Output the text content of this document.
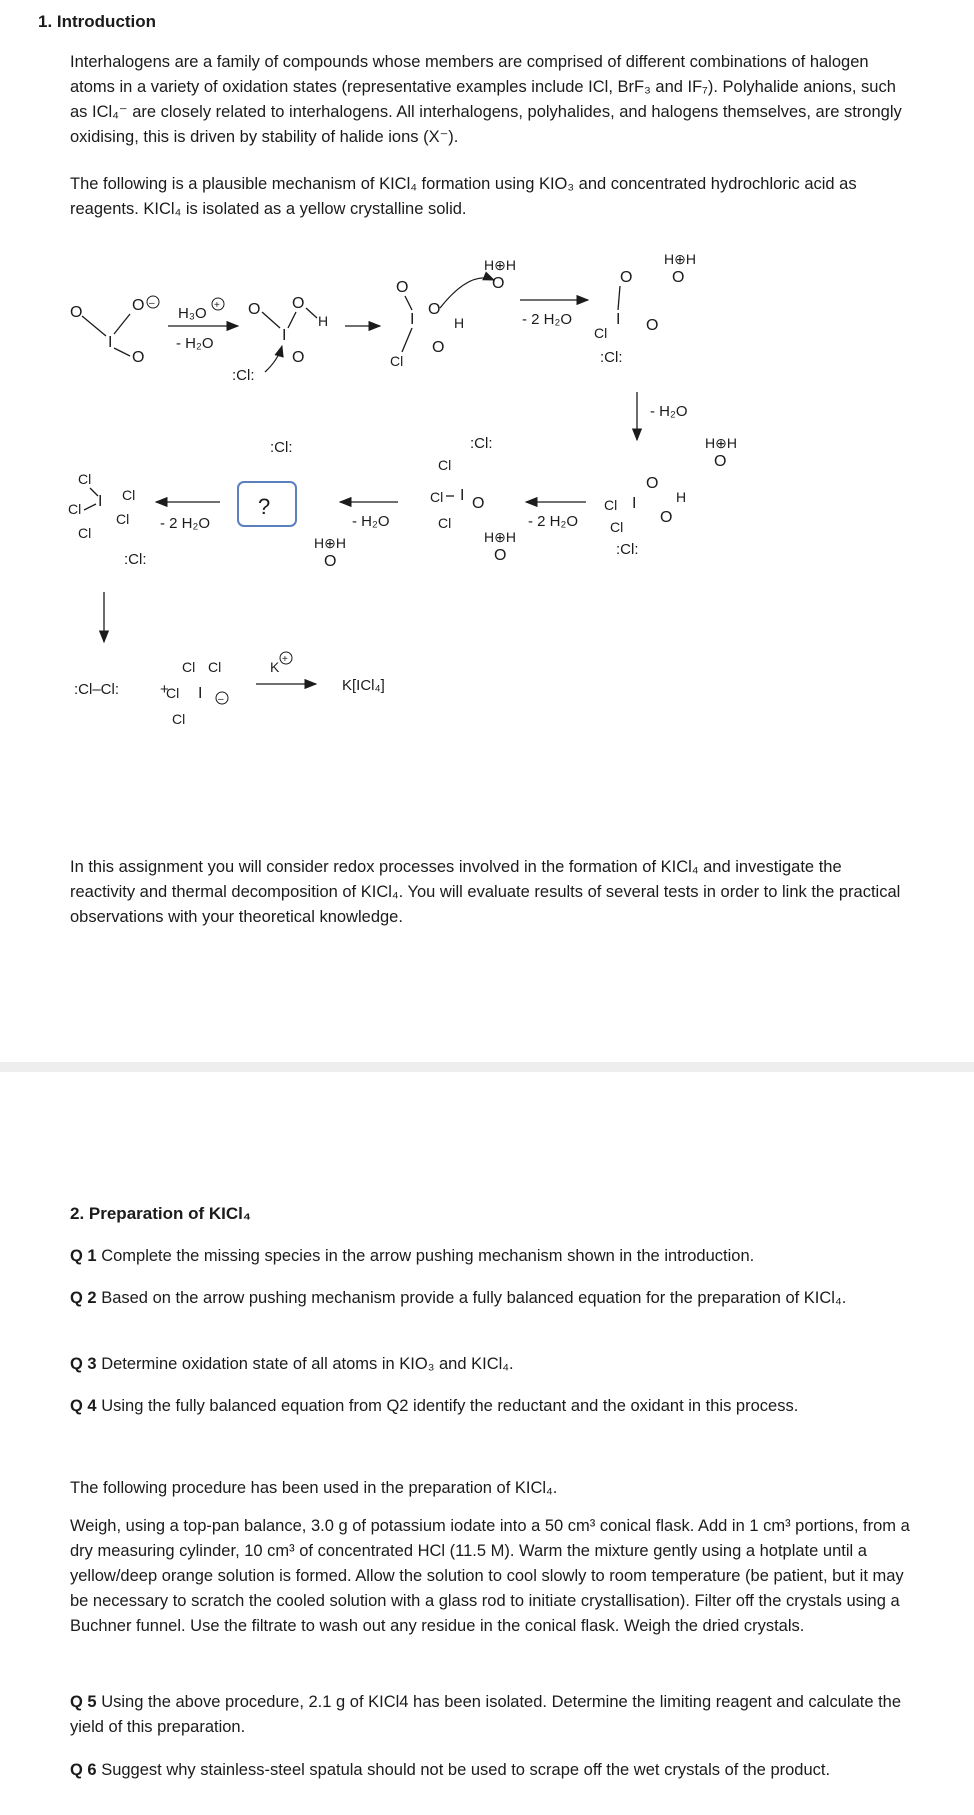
1. Introduction

Interhalogens are a family of compounds whose members are comprised of different combinations of halogen atoms in a variety of oxidation states (representative examples include ICl, BrF₃ and IF₇). Polyhalide anions, such as ICl₄⁻ are closely related to interhalogens. All interhalogens, polyhalides, and halogens themselves, are strongly oxidising, this is driven by stability of halide ions (X⁻).

The following is a plausible mechanism of KICl₄ formation using KIO₃ and concentrated hydrochloric acid as reagents. KICl₄ is isolated as a yellow crystalline solid.

O
I
O
O
–
H₃O +
- H₂O
O
I
O
O
H
:Cl:
O
I
O
O
H
Cl
H⊕H
O
- 2 H₂O
O
I O
Cl
:Cl:
H⊕H
O
- H₂O
H⊕H
O
Cl I
O
O
H
Cl
:Cl:
- 2 H₂O
Cl
Cl I
Cl
O
:Cl:
H⊕H
O
- H₂O
H⊕H
O
?
:Cl:
- 2 H₂O
Cl
Cl I Cl
Cl
Cl
:Cl:
:Cl–Cl:	+
Cl Cl
Cl I
Cl
–
K +
K[ICl₄]

In this assignment you will consider redox processes involved in the formation of KICl₄ and investigate the reactivity and thermal decomposition of KICl₄. You will evaluate results of several tests in order to link the practical observations with your theoretical knowledge.

2. Preparation of KICl₄

Q 1 Complete the missing species in the arrow pushing mechanism shown in the introduction.

Q 2 Based on the arrow pushing mechanism provide a fully balanced equation for the preparation of KICl₄.

Q 3 Determine oxidation state of all atoms in KIO₃ and KICl₄.

Q 4 Using the fully balanced equation from Q2 identify the reductant and the oxidant in this process.

The following procedure has been used in the preparation of KICl₄.

Weigh, using a top-pan balance, 3.0 g of potassium iodate into a 50 cm³ conical flask. Add in 1 cm³ portions, from a dry measuring cylinder, 10 cm³ of concentrated HCl (11.5 M). Warm the mixture gently using a hotplate until a yellow/deep orange solution is formed. Allow the solution to cool slowly to room temperature (be patient, but it may be necessary to scratch the cooled solution with a glass rod to initiate crystallisation). Filter off the crystals using a Buchner funnel. Use the filtrate to wash out any residue in the conical flask. Weigh the dried crystals.

Q 5 Using the above procedure, 2.1 g of KICl4 has been isolated. Determine the limiting reagent and calculate the yield of this preparation.

Q 6 Suggest why stainless-steel spatula should not be used to scrape off the wet crystals of the product.
